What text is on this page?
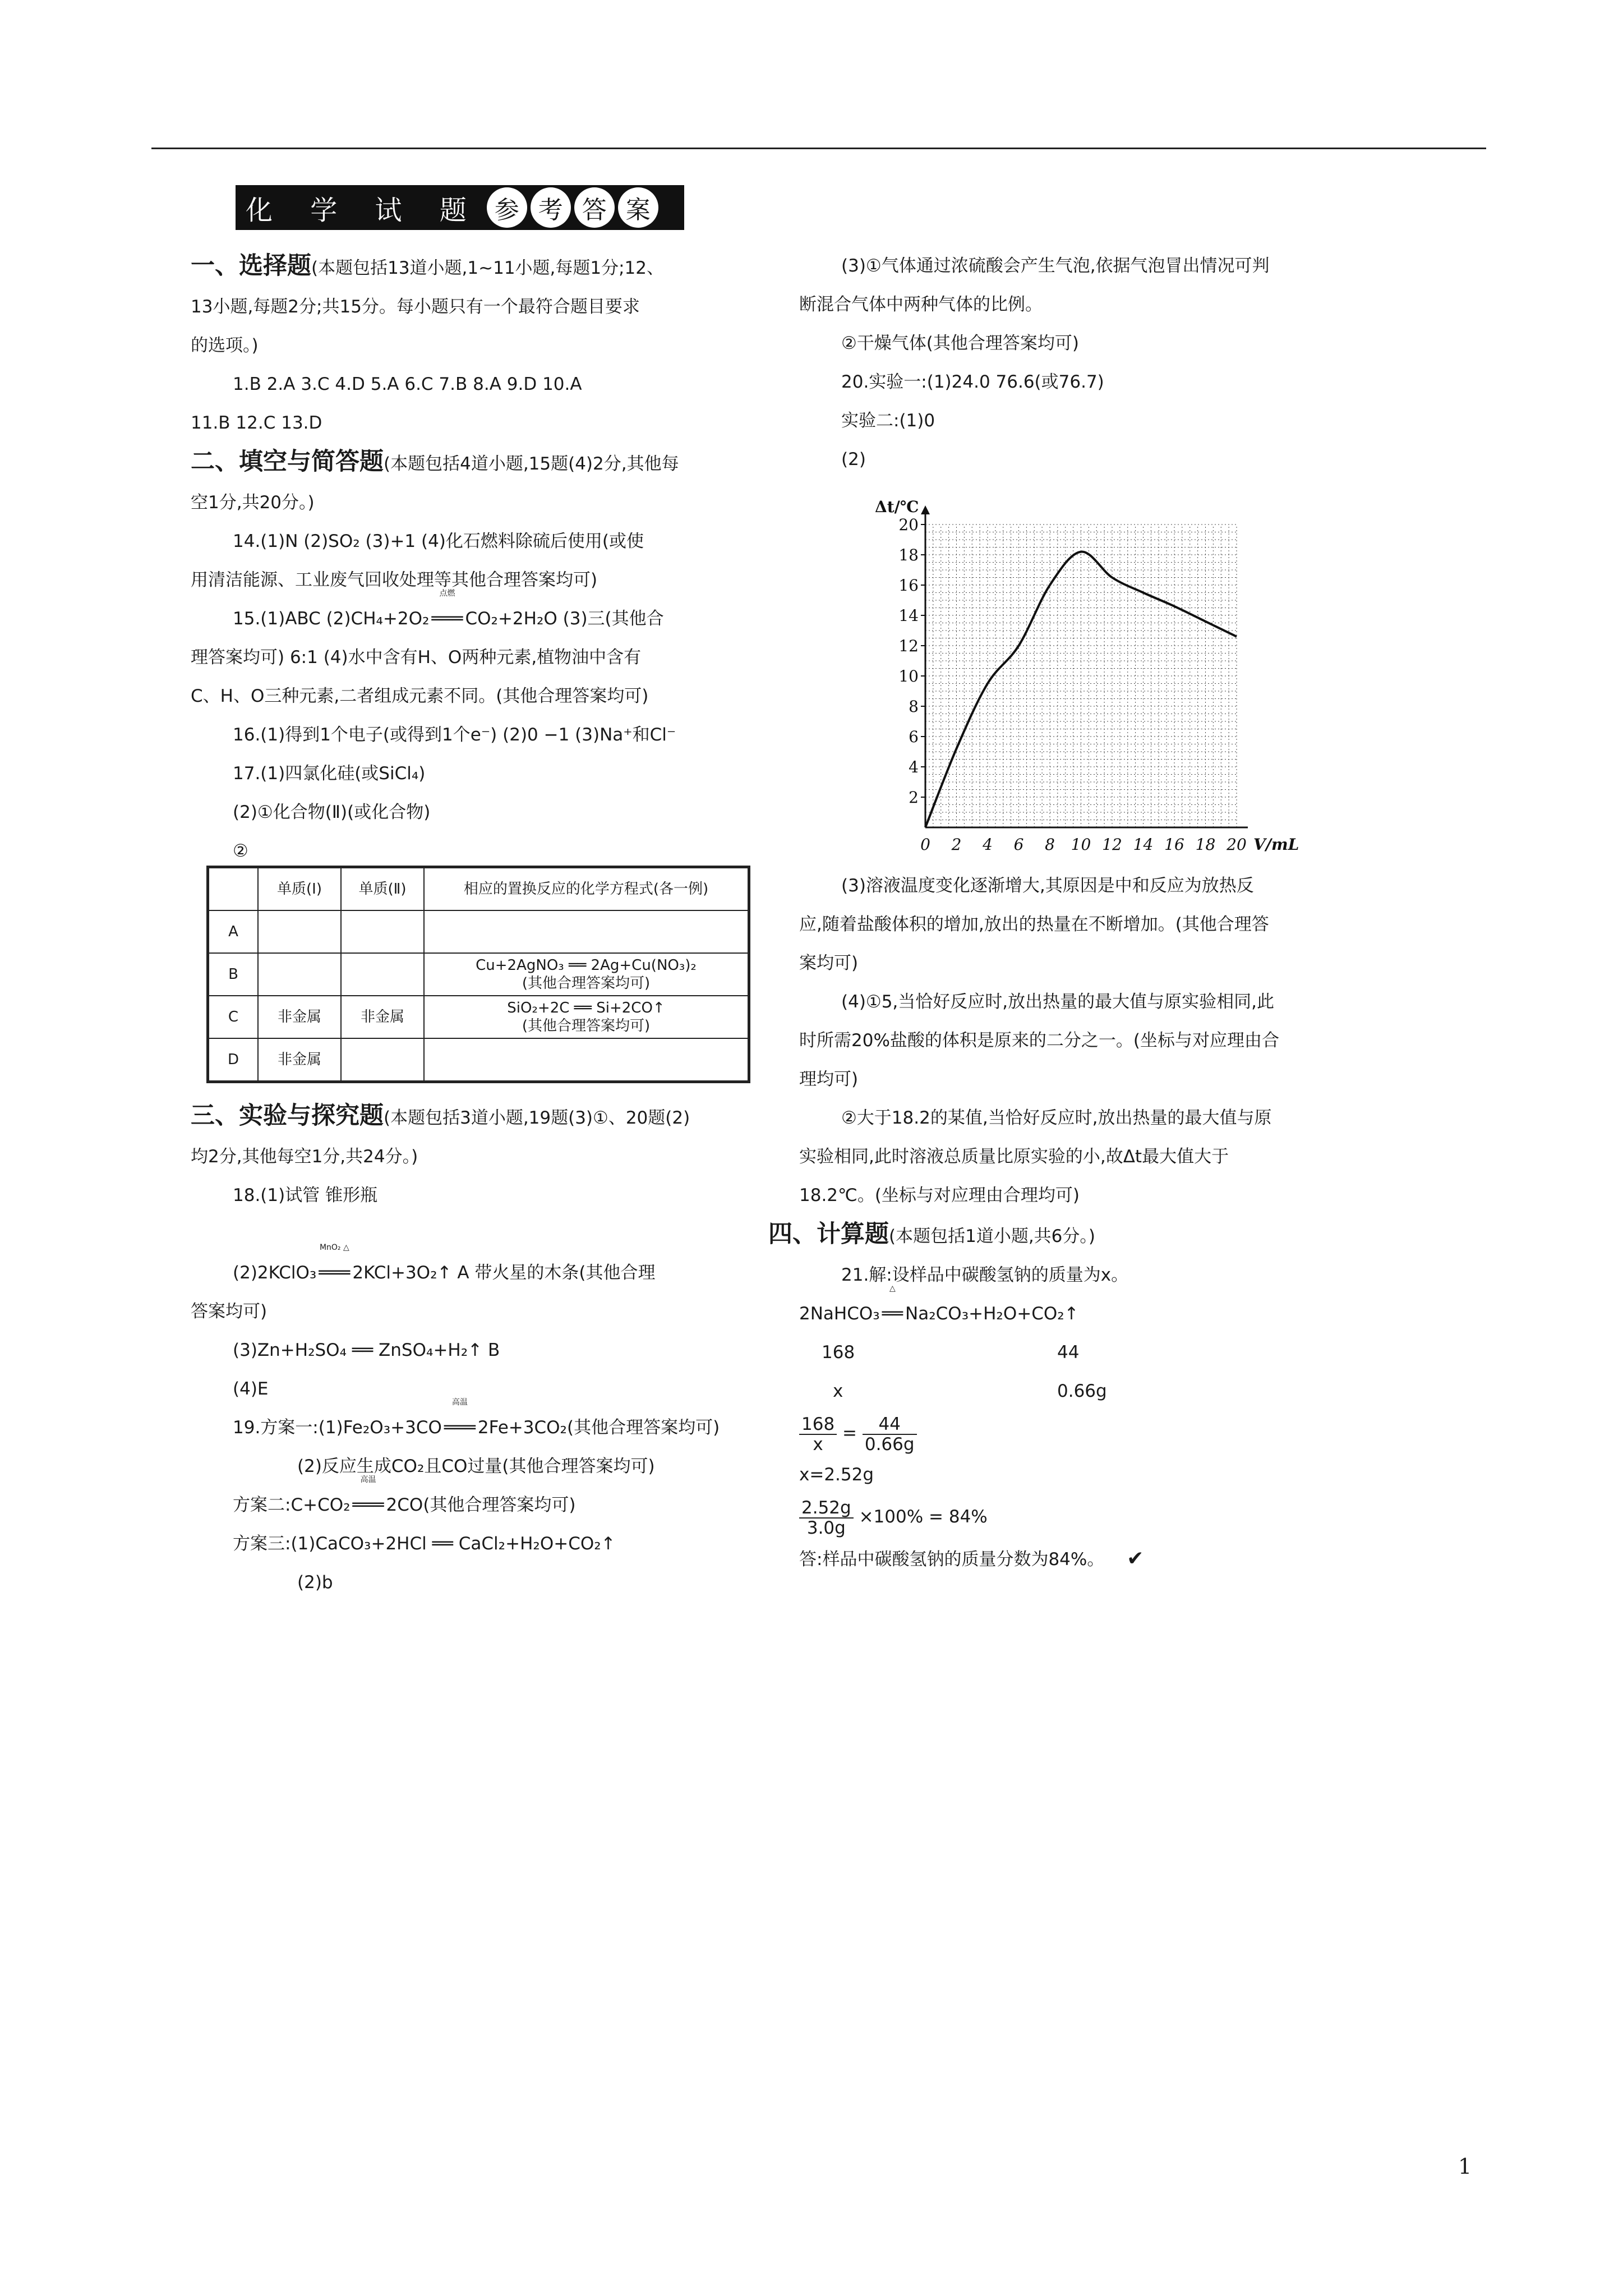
化 学 试 题 参 考 答 案

一、选择题(本题包括13道小题,1~11小题,每题1分;12、

13小题,每题2分;共15分。每小题只有一个最符合题目要求

的选项。)

1.B 2.A 3.C 4.D 5.A 6.C 7.B 8.A 9.D 10.A

11.B 12.C 13.D

二、填空与简答题(本题包括4道小题,15题(4)2分,其他每

空1分,共20分。)

14.(1)N (2)SO₂ (3)+1 (4)化石燃料除硫后使用(或使

用清洁能源、工业废气回收处理等其他合理答案均可)

15.(1)ABC (2)CH₄+2O₂
点燃
═══ CO₂+2H₂O (3)三(其他合

理答案均可) 6:1 (4)水中含有H、O两种元素,植物油中含有

C、H、O三种元素,二者组成元素不同。(其他合理答案均可)

16.(1)得到1个电子(或得到1个e⁻) (2)0 −1 (3)Na⁺和Cl⁻

17.(1)四氯化硅(或SiCl₄)

(2)①化合物(Ⅱ)(或化合物)

②

	单质(Ⅰ)	单质(Ⅱ)	相应的置换反应的化学方程式(各一例)
A			
B			Cu+2AgNO₃ ══ 2Ag+Cu(NO₃)₂
(其他合理答案均可)

C	非金属	非金属	SiO₂+2C ══ Si+2CO↑
(其他合理答案均可)

D	非金属		

三、实验与探究题(本题包括3道小题,19题(3)①、20题(2)

均2分,其他每空1分,共24分。)

18.(1)试管 锥形瓶

(2)2KClO₃
MnO₂ △
═══ 2KCl+3O₂↑ A 带火星的木条(其他合理

答案均可)

(3)Zn+H₂SO₄ ══ ZnSO₄+H₂↑ B

(4)E

19.方案一:(1)Fe₂O₃+3CO
高温
═══ 2Fe+3CO₂(其他合理答案均可)

(2)反应生成CO₂且CO过量(其他合理答案均可)

方案二:C+CO₂
高温
═══ 2CO(其他合理答案均可)

方案三:(1)CaCO₃+2HCl ══ CaCl₂+H₂O+CO₂↑

(2)b

(3)①气体通过浓硫酸会产生气泡,依据气泡冒出情况可判

断混合气体中两种气体的比例。

②干燥气体(其他合理答案均可)

20.实验一:(1)24.0 76.6(或76.7)

实验二:(1)0

(2)

0 2 4 6 8 10 12 14 16 18 20
2
4
6
8
10
12
14
16
18
20
Δt/℃
V/mL

(3)溶液温度变化逐渐增大,其原因是中和反应为放热反

应,随着盐酸体积的增加,放出的热量在不断增加。(其他合理答

案均可)

(4)①5,当恰好反应时,放出热量的最大值与原实验相同,此

时所需20%盐酸的体积是原来的二分之一。(坐标与对应理由合

理均可)

②大于18.2的某值,当恰好反应时,放出热量的最大值与原

实验相同,此时溶液总质量比原实验的小,故Δt最大值大于

18.2℃。(坐标与对应理由合理均可)

四、计算题(本题包括1道小题,共6分。)

21.解:设样品中碳酸氢钠的质量为x。

2NaHCO₃
△
══ Na₂CO₃+H₂O+CO₂↑

168	44

x	0.66g

$\frac{168}{x} = \frac{44}{0.66g}$

x=2.52g

$\frac{2.52g}{3.0g} \times 100\% = 84\%$

答:样品中碳酸氢钠的质量分数为84%。 ✔

1
